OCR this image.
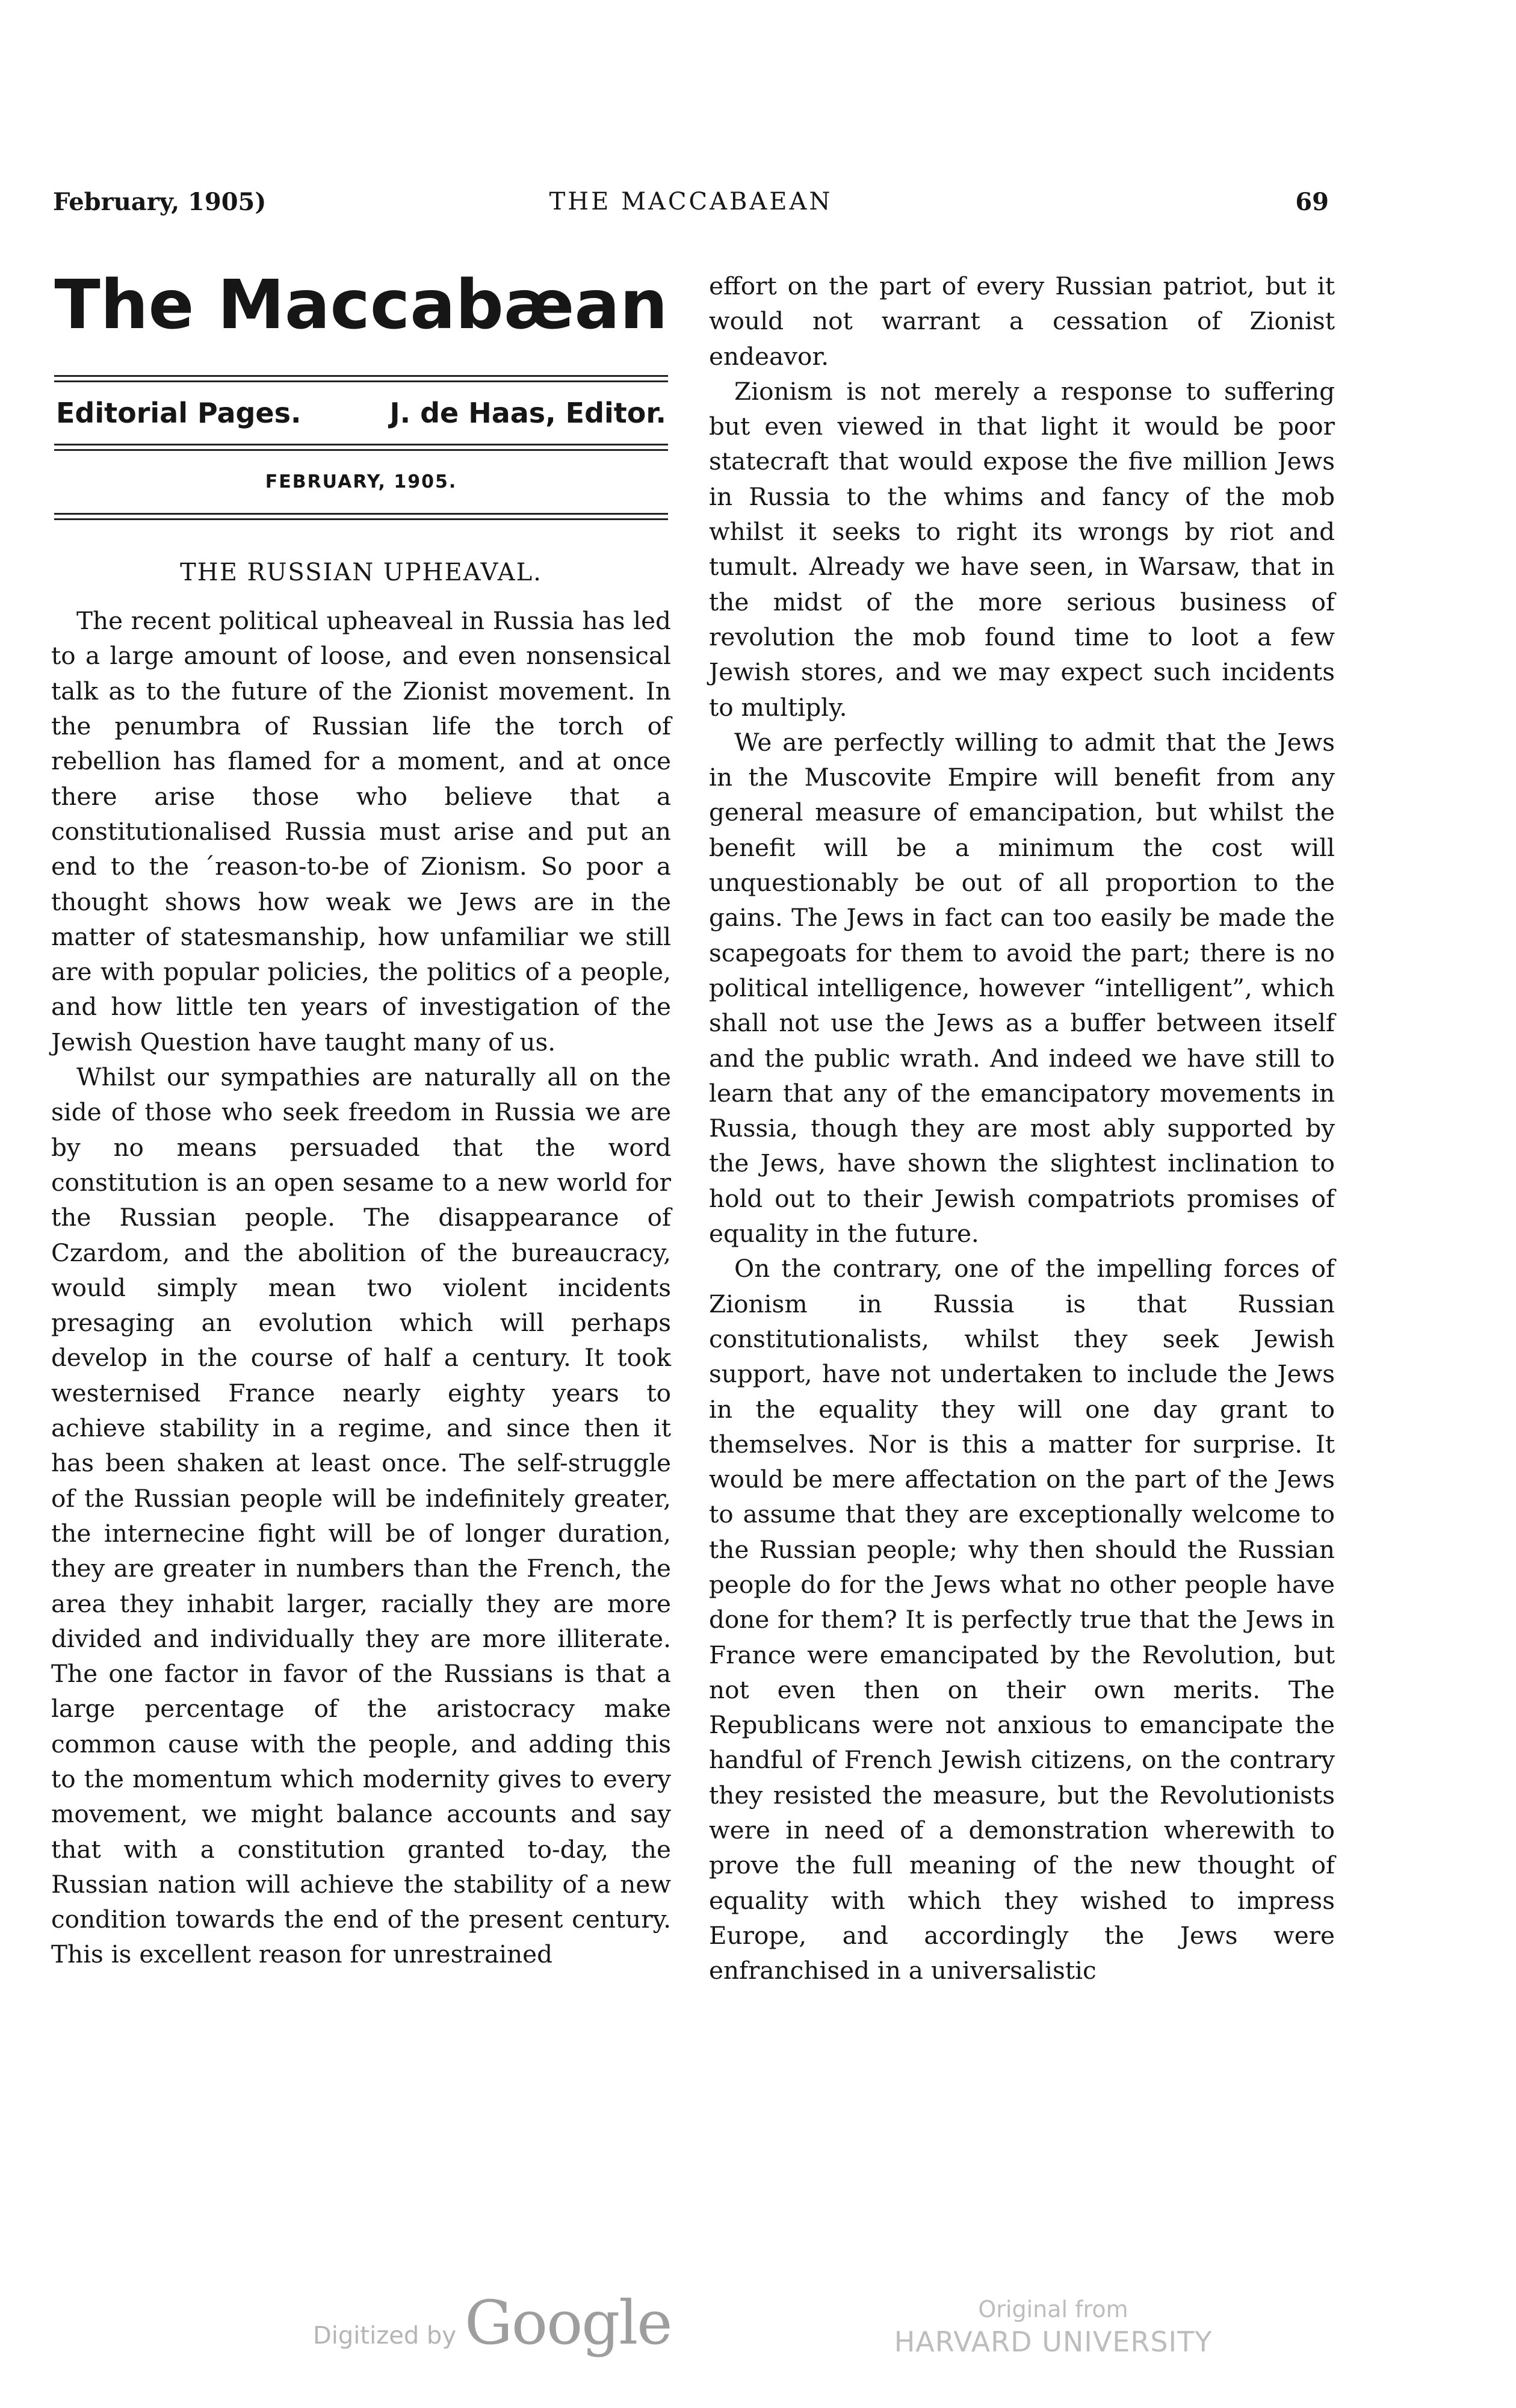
February, 1905)	THE MACCABAEAN	69
The Maccabæan
Editorial Pages.	J. de Haas, Editor.
FEBRUARY, 1905.
THE RUSSIAN UPHEAVAL.

The recent political upheaveal in Russia has led to a large amount of loose, and even nonsensical talk as to the future of the Zionist movement. In the penumbra of Russian life the torch of rebellion has flamed for a moment, and at once there arise those who believe that a constitutionalised Russia must arise and put an end to the ´reason-to-be of Zionism. So poor a thought shows how weak we Jews are in the matter of statesmanship, how unfamiliar we still are with popular policies, the politics of a people, and how little ten years of investigation of the Jewish Question have taught many of us.

Whilst our sympathies are naturally all on the side of those who seek freedom in Russia we are by no means persuaded that the word constitution is an open sesame to a new world for the Russian people. The disappearance of Czardom, and the abolition of the bureaucracy, would simply mean two violent incidents presaging an evolution which will perhaps develop in the course of half a century. It took westernised France nearly eighty years to achieve stability in a regime, and since then it has been shaken at least once. The self-struggle of the Russian people will be indefinitely greater, the internecine fight will be of longer duration, they are greater in numbers than the French, the area they inhabit larger, racially they are more divided and individually they are more illiterate. The one factor in favor of the Russians is that a large percentage of the aristocracy make common cause with the people, and adding this to the momentum which modernity gives to every movement, we might balance accounts and say that with a constitution granted to-day, the Russian nation will achieve the stability of a new condition towards the end of the present century. This is excellent reason for unrestrained

effort on the part of every Russian patriot, but it would not warrant a cessation of Zionist endeavor.

Zionism is not merely a response to suffering but even viewed in that light it would be poor statecraft that would expose the five million Jews in Russia to the whims and fancy of the mob whilst it seeks to right its wrongs by riot and tumult. Already we have seen, in Warsaw, that in the midst of the more serious business of revolution the mob found time to loot a few Jewish stores, and we may expect such incidents to multiply.

We are perfectly willing to admit that the Jews in the Muscovite Empire will benefit from any general measure of emancipation, but whilst the benefit will be a minimum the cost will unquestionably be out of all proportion to the gains. The Jews in fact can too easily be made the scapegoats for them to avoid the part; there is no political intelligence, however “intelligent”, which shall not use the Jews as a buffer between itself and the public wrath. And indeed we have still to learn that any of the emancipatory movements in Russia, though they are most ably supported by the Jews, have shown the slightest inclination to hold out to their Jewish compatriots promises of equality in the future.

On the contrary, one of the impelling forces of Zionism in Russia is that Russian constitutionalists, whilst they seek Jewish support, have not undertaken to include the Jews in the equality they will one day grant to themselves. Nor is this a matter for surprise. It would be mere affectation on the part of the Jews to assume that they are exceptionally welcome to the Russian people; why then should the Russian people do for the Jews what no other people have done for them? It is perfectly true that the Jews in France were emancipated by the Revolution, but not even then on their own merits. The Republicans were not anxious to emancipate the handful of French Jewish citizens, on the contrary they resisted the measure, but the Revolutionists were in need of a demonstration wherewith to prove the full meaning of the new thought of equality with which they wished to impress Europe, and accordingly the Jews were enfranchised in a universalistic

Digitized by Google	Original from
HARVARD UNIVERSITY
